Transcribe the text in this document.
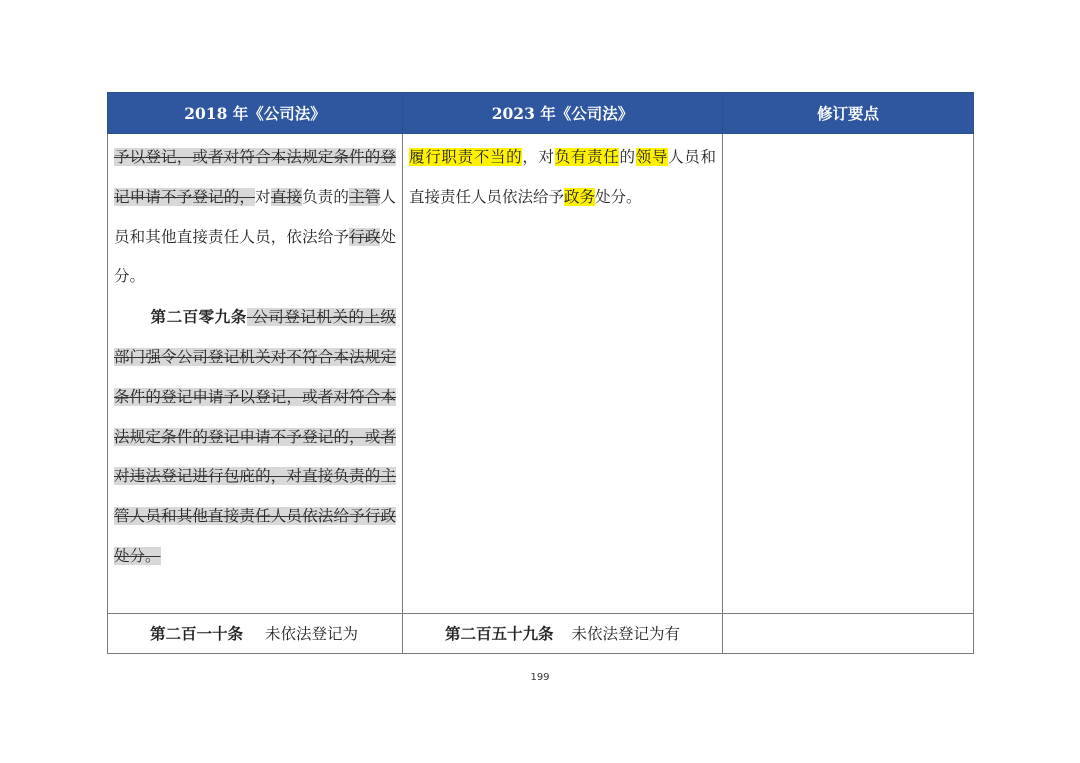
2018 年《公司法》	2023 年《公司法》	修订要点

予以登记，或者对符合本法规定条件的登记申请不予登记的，对直接负责的主管人员和其他直接责任人员，依法给予行政处分。
第二百零九条 公司登记机关的上级部门强令公司登记机关对不符合本法规定条件的登记申请予以登记，或者对符合本法规定条件的登记申请不予登记的，或者对违法登记进行包庇的，对直接负责的主管人员和其他直接责任人员依法给予行政处分。	履行职责不当的，对负有责任的领导人员和直接责任人员依法给予政务处分。	

第二百一十条 未依法登记为	第二百五十九条 未依法登记为有	

199
